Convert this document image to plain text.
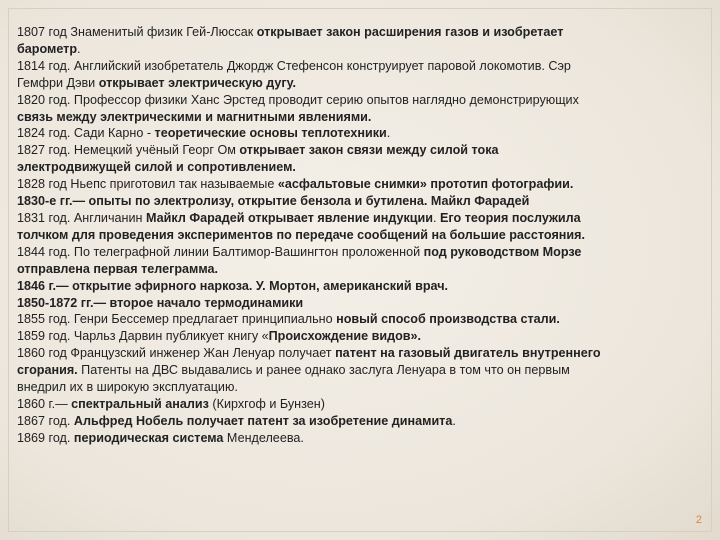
1807 год Знаменитый физик Гей-Люссак открывает закон расширения газов и изобретает
барометр.
1814 год. Английский изобретатель Джордж Стефенсон конструирует паровой локомотив. Сэр
Гемфри Дэви открывает электрическую дугу.
1820 год. Профессор физики Ханс Эрстед проводит серию опытов наглядно демонстрирующих
связь между электрическими и магнитными явлениями.
1824 год. Сади Карно - теоретические основы теплотехники.
1827 год. Немецкий учёный Георг Ом открывает закон связи между силой тока
электродвижущей силой и сопротивлением.
1828 год Ньепс приготовил так называемые «асфальтовые снимки» прототип фотографии.
1830-е гг.— опыты по электролизу, открытие бензола и бутилена. Майкл Фарадей
1831 год. Англичанин Майкл Фарадей открывает явление индукции. Его теория послужила
толчком для проведения экспериментов по передаче сообщений на большие расстояния.
1844 год. По телеграфной линии Балтимор-Вашингтон проложенной под руководством Морзе
отправлена первая телеграмма.
1846 г.— открытие эфирного наркоза. У. Мортон, американский врач.
1850-1872 гг.— второе начало термодинамики
1855 год. Генри Бессемер предлагает принципиально новый способ производства стали.
1859 год. Чарльз Дарвин публикует книгу «Происхождение видов».
1860 год Французский инженер Жан Ленуар получает патент на газовый двигатель внутреннего
сгорания. Патенты на ДВС выдавались и ранее однако заслуга Ленуара в том что он первым
внедрил их в широкую эксплуатацию.
1860 г.— спектральный анализ (Кирхгоф и Бунзен)
1867 год. Альфред Нобель получает патент за изобретение динамита.
1869 год. периодическая система Менделеева.
2
